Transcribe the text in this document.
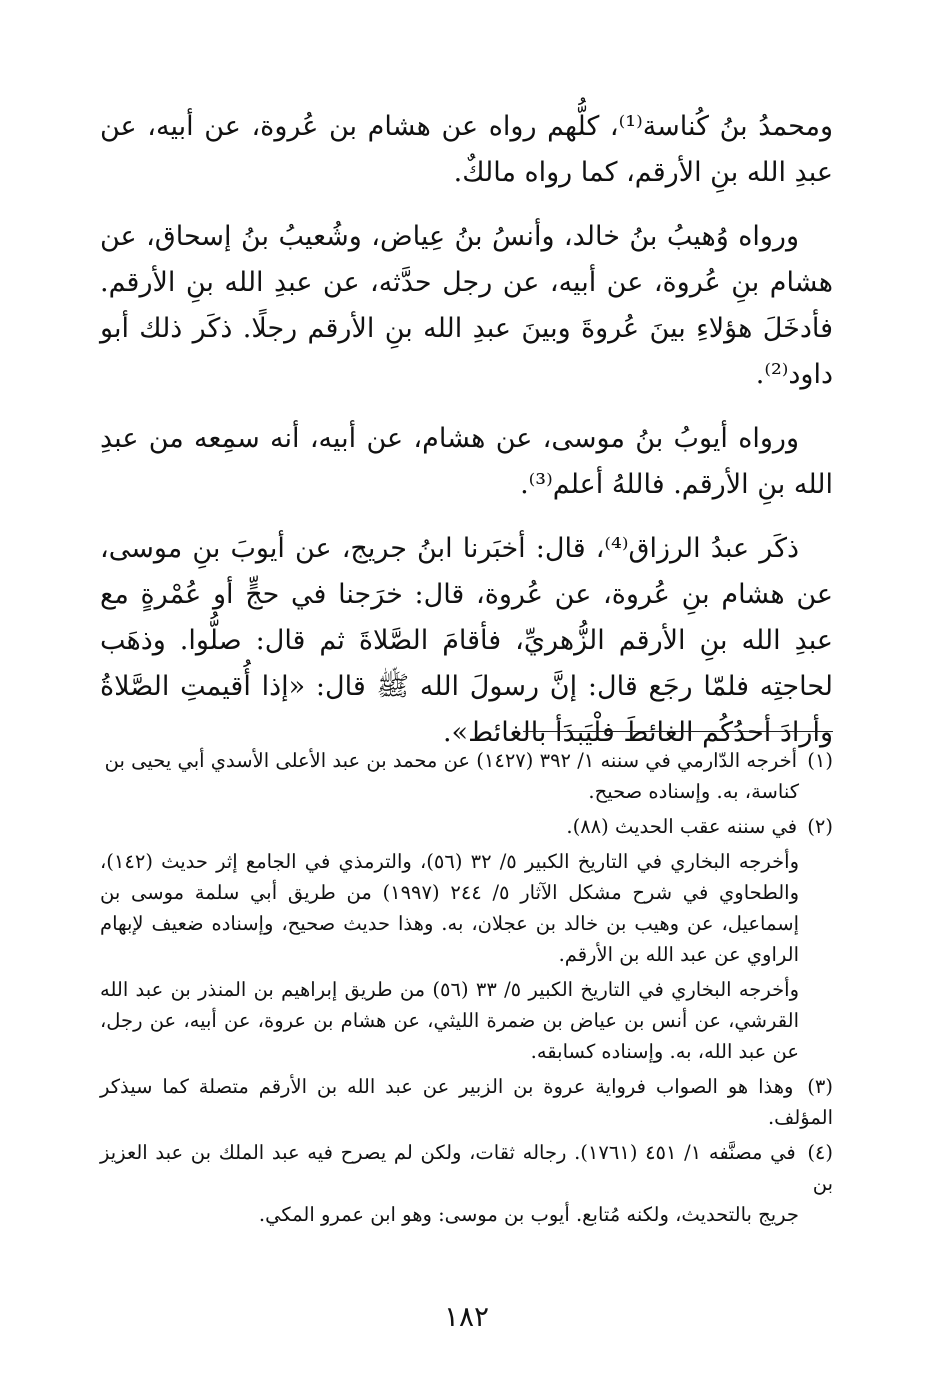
ومحمدُ بنُ كُناسة⁽¹⁾، كلُّهم رواه عن هشام بن عُروة، عن أبيه، عن عبدِ الله بنِ الأرقم، كما رواه مالكٌ.

ورواه وُهيبُ بنُ خالد، وأنسُ بنُ عِياض، وشُعيبُ بنُ إسحاق، عن هشام بنِ عُروة، عن أبيه، عن رجل حدَّثه، عن عبدِ الله بنِ الأرقم. فأدخَلَ هؤلاءِ بينَ عُروةَ وبينَ عبدِ الله بنِ الأرقم رجلًا. ذكَر ذلك أبو داود⁽²⁾.

ورواه أيوبُ بنُ موسى، عن هشام، عن أبيه، أنه سمِعه من عبدِ الله بنِ الأرقم. فاللهُ أعلم⁽³⁾.

ذكَر عبدُ الرزاق⁽⁴⁾، قال: أخبَرنا ابنُ جريج، عن أيوبَ بنِ موسى، عن هشام بنِ عُروة، عن عُروة، قال: خرَجنا في حجٍّ أو عُمْرةٍ مع عبدِ الله بنِ الأرقم الزُّهريِّ، فأقامَ الصَّلاةَ ثم قال: صلُّوا. وذهَب لحاجتِه فلمّا رجَع قال: إنَّ رسولَ الله ﷺ قال: «إذا أُقيمتِ الصَّلاةُ وأرادَ أحدُكُم الغائطَ فلْيَبدَأ بالغائط».

(١) أخرجه الدّارمي في سننه ١/ ٣٩٢ (١٤٢٧) عن محمد بن عبد الأعلى الأسدي أبي يحيى بن
كناسة، به. وإسناده صحيح.
(٢) في سننه عقب الحديث (٨٨).
وأخرجه البخاري في التاريخ الكبير ٥/ ٣٢ (٥٦)، والترمذي في الجامع إثر حديث (١٤٢)، والطحاوي في شرح مشكل الآثار ٥/ ٢٤٤ (١٩٩٧) من طريق أبي سلمة موسى بن إسماعيل، عن وهيب بن خالد بن عجلان، به. وهذا حديث صحيح، وإسناده ضعيف لإبهام الراوي عن عبد الله بن الأرقم.
وأخرجه البخاري في التاريخ الكبير ٥/ ٣٣ (٥٦) من طريق إبراهيم بن المنذر بن عبد الله القرشي، عن أنس بن عياض بن ضمرة الليثي، عن هشام بن عروة، عن أبيه، عن رجل، عن عبد الله، به. وإسناده كسابقه.
(٣) وهذا هو الصواب فرواية عروة بن الزبير عن عبد الله بن الأرقم متصلة كما سيذكر المؤلف.
(٤) في مصنَّفه ١/ ٤٥١ (١٧٦١). رجاله ثقات، ولكن لم يصرح فيه عبد الملك بن عبد العزيز بن
جريج بالتحديث، ولكنه مُتابع. أيوب بن موسى: وهو ابن عمرو المكي.
١٨٢
